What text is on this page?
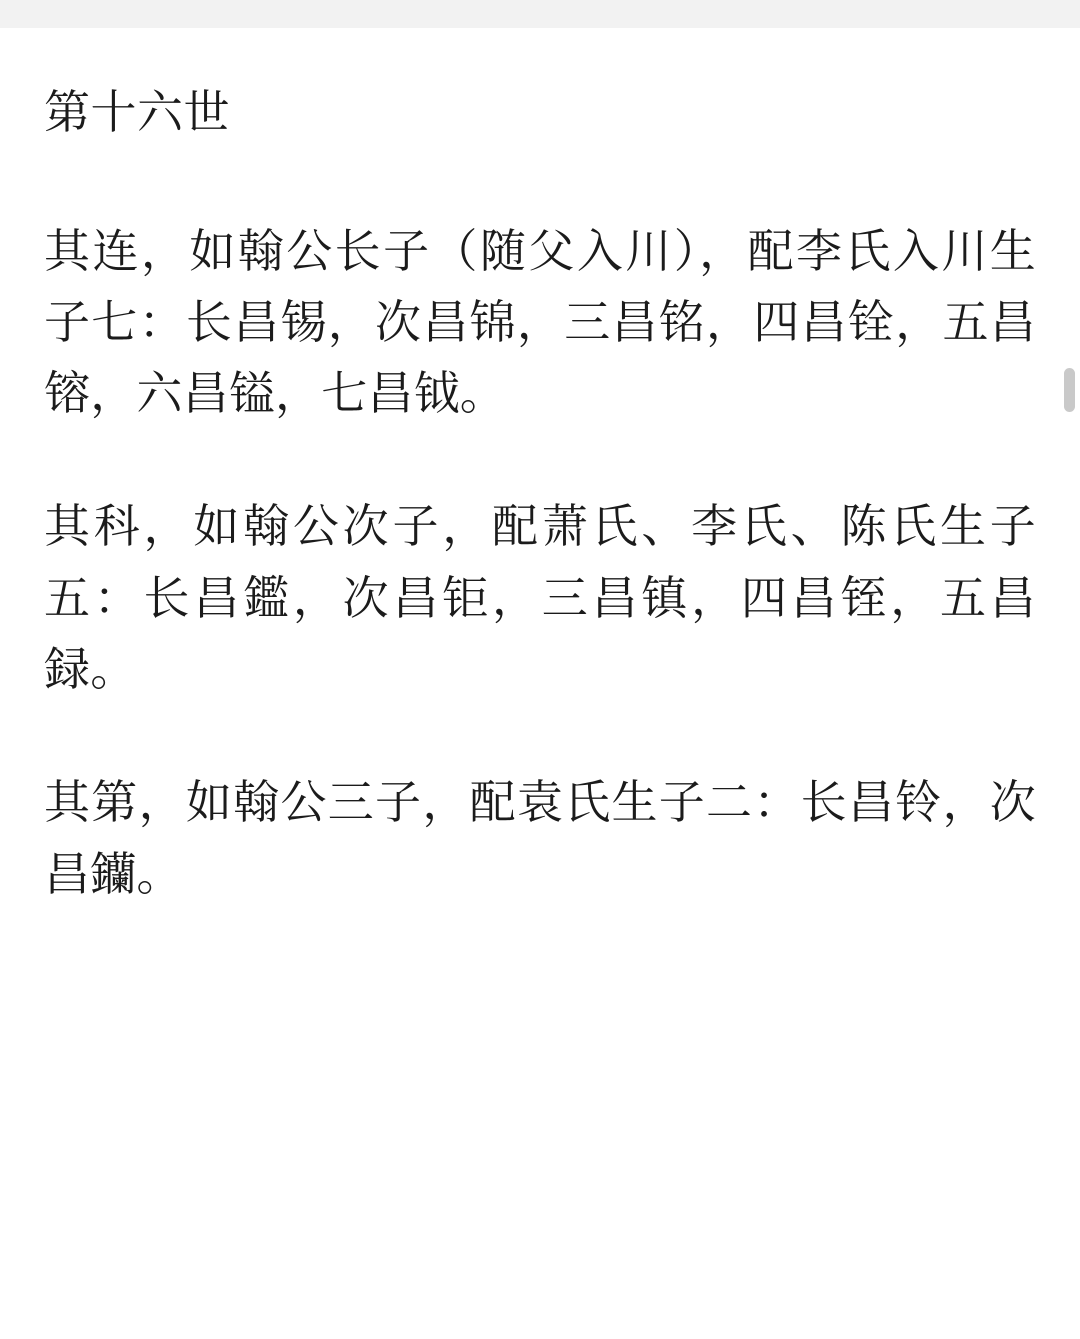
第十六世

其连，如翰公长子（随父入川），配李氏入川生子七：长昌锡，次昌锦，三昌铭，四昌铨，五昌镕，六昌镒，七昌钺。

其科，如翰公次子，配萧氏、李氏、陈氏生子五：长昌鑑，次昌钜，三昌镇，四昌铚，五昌録。

其第，如翰公三子，配袁氏生子二：长昌铃，次昌钄。
